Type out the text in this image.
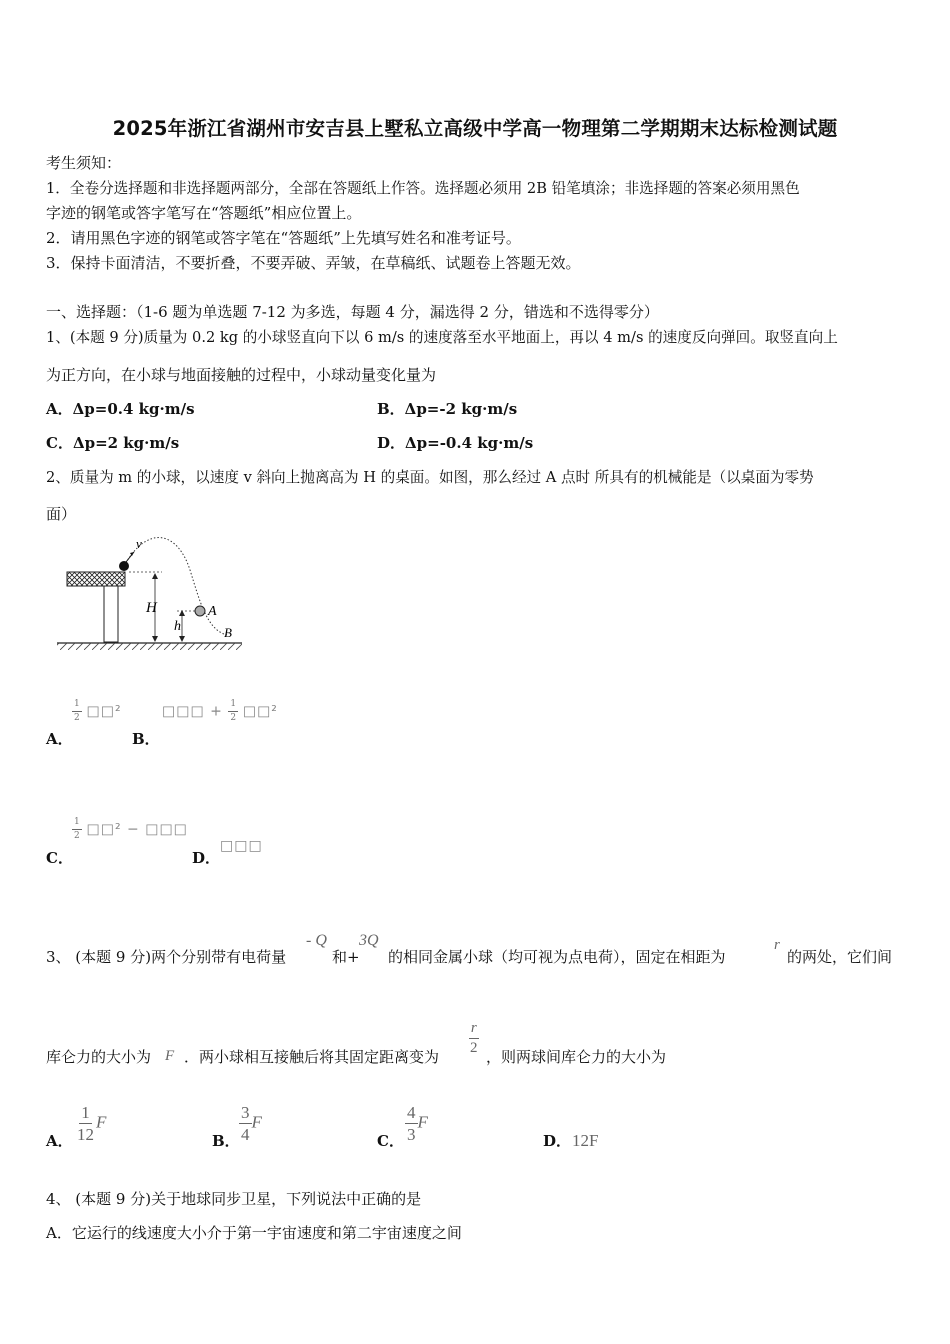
2025年浙江省湖州市安吉县上墅私立高级中学高一物理第二学期期末达标检测试题
考生须知：
1．全卷分选择题和非选择题两部分，全部在答题纸上作答。选择题必须用 2B 铅笔填涂；非选择题的答案必须用黑色
字迹的钢笔或答字笔写在“答题纸”相应位置上。
2．请用黑色字迹的钢笔或答字笔在“答题纸”上先填写姓名和准考证号。
3．保持卡面清洁，不要折叠，不要弄破、弄皱，在草稿纸、试题卷上答题无效。
一、选择题：（1-6 题为单选题 7-12 为多选，每题 4 分，漏选得 2 分，错选和不选得零分）
1、(本题 9 分)质量为 0.2 kg 的小球竖直向下以 6 m/s 的速度落至水平地面上，再以 4 m/s 的速度反向弹回。取竖直向上
为正方向，在小球与地面接触的过程中，小球动量变化量为
A．Δp=0.4 kg·m/s	B．Δp=-2 kg·m/s
C．Δp=2 kg·m/s	D．Δp=-0.4 kg·m/s
2、质量为 m 的小球，以速度 v 斜向上抛离高为 H 的桌面。如图，那么经过 A 点时 所具有的机械能是（以桌面为零势
面）
v
H
h
A
B
A．
$\frac{1}{2}$ □□²
B．
□□□ + $\frac{1}{2}$ □□²
C．
$\frac{1}{2}$ □□² − □□□
D．
□□□
3、 (本题 9 分)两个分别带有电荷量
- Q
和+
3Q
的相同金属小球（均可视为点电荷），固定在相距为
r
的两处，它们间
库仑力的大小为 F ．两小球相互接触后将其固定距离变为
$\frac{r}{2}$
，则两球间库仑力的大小为
A． $\frac{1}{12}$ F
B． $\frac{3}{4}$ F
C． $\frac{4}{3}$ F
D． 12F
4、 (本题 9 分)关于地球同步卫星，下列说法中正确的是
A．它运行的线速度大小介于第一宇宙速度和第二宇宙速度之间
